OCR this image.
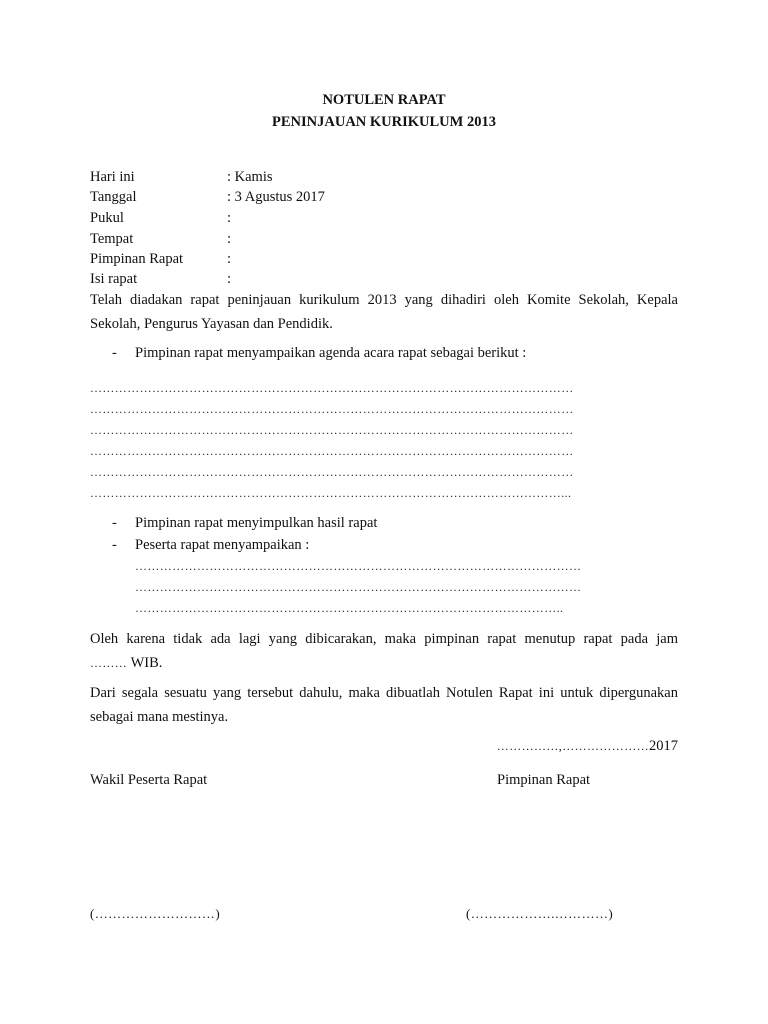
NOTULEN RAPAT
PENINJAUAN KURIKULUM 2013
Hari ini	: Kamis
Tanggal	: 3 Agustus 2017
Pukul	:
Tempat	:
Pimpinan Rapat	:
Isi rapat	:
Telah diadakan rapat peninjauan kurikulum 2013 yang dihadiri oleh Komite Sekolah, Kepala
Sekolah, Pengurus Yayasan dan Pendidik.
- Pimpinan rapat menyampaikan agenda acara rapat sebagai berikut :
………………………………………………………………………………………………………
………………………………………………………………………………………………………
………………………………………………………………………………………………………
………………………………………………………………………………………………………
………………………………………………………………………………………………………
……………………………………………………………………………………………………...
- Pimpinan rapat menyimpulkan hasil rapat
- Peserta rapat menyampaikan :
………………………………………………………………………………………………
………………………………………………………………………………………………
…………………………………………………………………………………………..
Oleh karena tidak ada lagi yang dibicarakan, maka pimpinan rapat menutup rapat pada jam
……… WIB.
Dari segala sesuatu yang tersebut dahulu, maka dibuatlah Notulen Rapat ini untuk dipergunakan
sebagai mana mestinya.
……………,…………………2017
Wakil Peserta Rapat	Pimpinan Rapat
(………………………)	(……………….…………)
